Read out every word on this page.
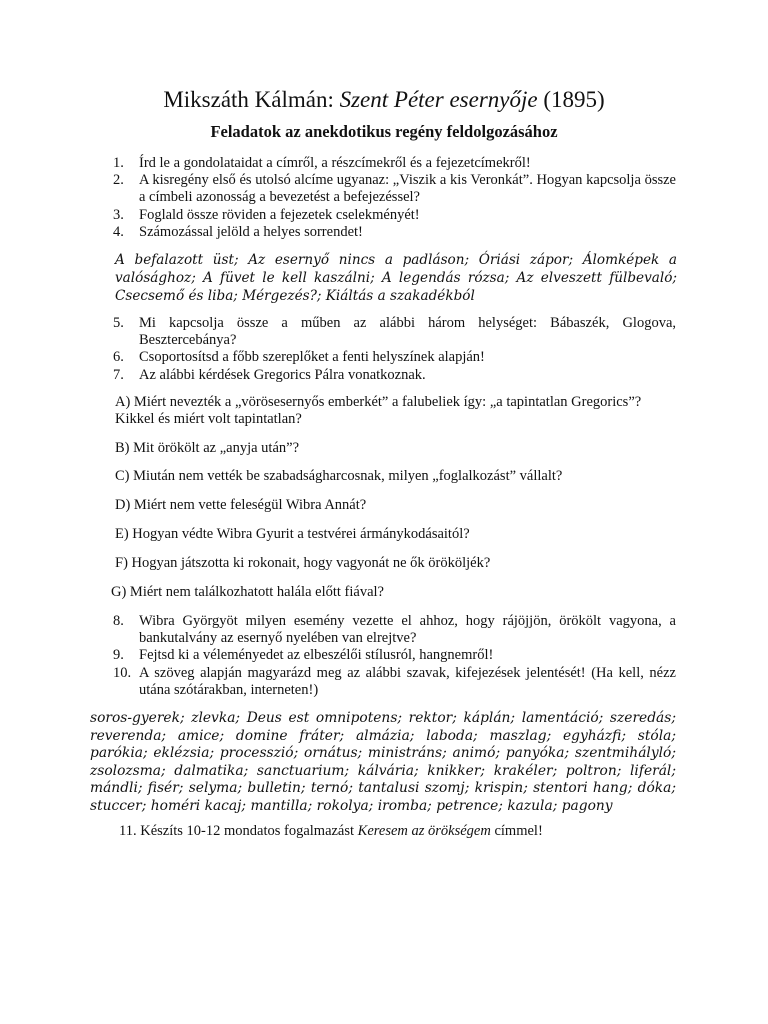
Mikszáth Kálmán: Szent Péter esernyője (1895)
Feladatok az anekdotikus regény feldolgozásához
1.	Írd le a gondolataidat a címről, a részcímekről és a fejezetcímekről!
2.	A kisregény első és utolsó alcíme ugyanaz: „Viszik a kis Veronkát”. Hogyan kapcsolja össze a címbeli azonosság a bevezetést a befejezéssel?
3.	Foglald össze röviden a fejezetek cselekményét!
4.	Számozással jelöld a helyes sorrendet!
A befalazott üst; Az esernyő nincs a padláson; Óriási zápor; Álomképek a valósághoz; A füvet le kell kaszálni; A legendás rózsa; Az elveszett fülbevaló; Csecsemő és liba; Mérgezés?; Kiáltás a szakadékból
5.	Mi kapcsolja össze a műben az alábbi három helységet: Bábaszék, Glogova, Besztercebánya?
6.	Csoportosítsd a főbb szereplőket a fenti helyszínek alapján!
7.	Az alábbi kérdések Gregorics Pálra vonatkoznak.
A) Miért nevezték a „vörösesernyős emberkét” a falubeliek így: „a tapintatlan Gregorics”? Kikkel és miért volt tapintatlan?
B) Mit örökölt az „anyja után”?
C) Miután nem vették be szabadságharcosnak, milyen „foglalkozást” vállalt?
D) Miért nem vette feleségül Wibra Annát?
E) Hogyan védte Wibra Gyurit a testvérei ármánykodásaitól?
F) Hogyan játszotta ki rokonait, hogy vagyonát ne ők örököljék?
G) Miért nem találkozhatott halála előtt fiával?
8.	Wibra Györgyöt milyen esemény vezette el ahhoz, hogy rájöjjön, örökölt vagyona, a bankutalvány az esernyő nyelében van elrejtve?
9.	Fejtsd ki a véleményedet az elbeszélői stílusról, hangnemről!
10. A szöveg alapján magyarázd meg az alábbi szavak, kifejezések jelentését! (Ha kell, nézz utána szótárakban, interneten!)
soros-gyerek; zlevka; Deus est omnipotens; rektor; káplán; lamentáció; szeredás; reverenda; amice; domine fráter; almázia; laboda; maszlag; egyházfi; stóla; parókia; eklézsia; processzió; ornátus; ministráns; animó; panyóka; szentmihályló; zsolozsma; dalmatika; sanctuarium; kálvária; knikker; krakéler; poltron; liferál; mándli; fisér; selyma; bulletin; ternó; tantalusi szomj; krispin; stentori hang; dóka; stuccer; homéri kacaj; mantilla; rokolya; iromba; petrence; kazula; pagony
11. Készíts 10-12 mondatos fogalmazást Keresem az örökségem címmel!
